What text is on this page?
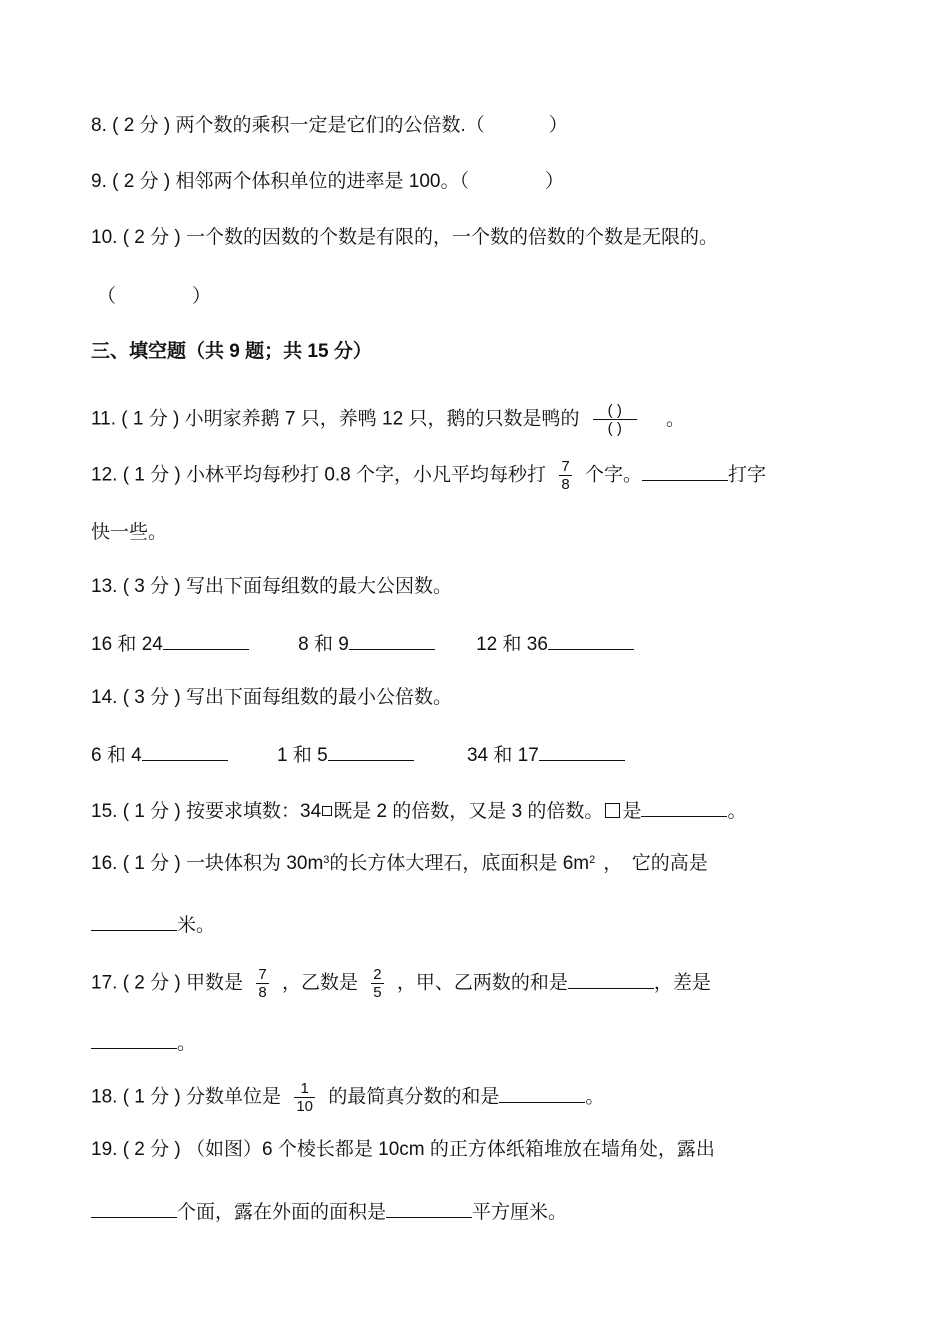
8. ( 2 分 ) 两个数的乘积一定是它们的公倍数.（	）
9. ( 2 分 ) 相邻两个体积单位的进率是 100。（	）
10. ( 2 分 ) 一个数的因数的个数是有限的，一个数的倍数的个数是无限的。
（	）
三、填空题（共 9 题；共 15 分）
11. ( 1 分 ) 小明家养鹅 7 只，养鸭 12 只，鹅的只数是鸭的 $\frac{( )}{( )}$ 。
12. ( 1 分 ) 小林平均每秒打 0.8 个字，小凡平均每秒打 $\frac{7}{8}$ 个字。	打字
快一些。
13. ( 3 分 ) 写出下面每组数的最大公因数。
16 和 24	8 和 9	12 和 36
14. ( 3 分 ) 写出下面每组数的最小公倍数。
6 和 4	1 和 5	34 和 17
15. ( 1 分 ) 按要求填数：34 既是 2 的倍数，又是 3 的倍数。 是	。
16. ( 1 分 ) 一块体积为 $30m^3$的长方体大理石，底面积是 $6m^2$ ，　它的高是
米。
17. ( 2 分 ) 甲数是 $\frac{7}{8}$ ，乙数是 $\frac{2}{5}$ ，甲、乙两数的和是	，差是
。
18. ( 1 分 ) 分数单位是 $\frac{1}{10}$ 的最简真分数的和是	。
19. ( 2 分 ) （如图）6 个棱长都是 10cm 的正方体纸箱堆放在墙角处，露出
个面，露在外面的面积是	平方厘米。
